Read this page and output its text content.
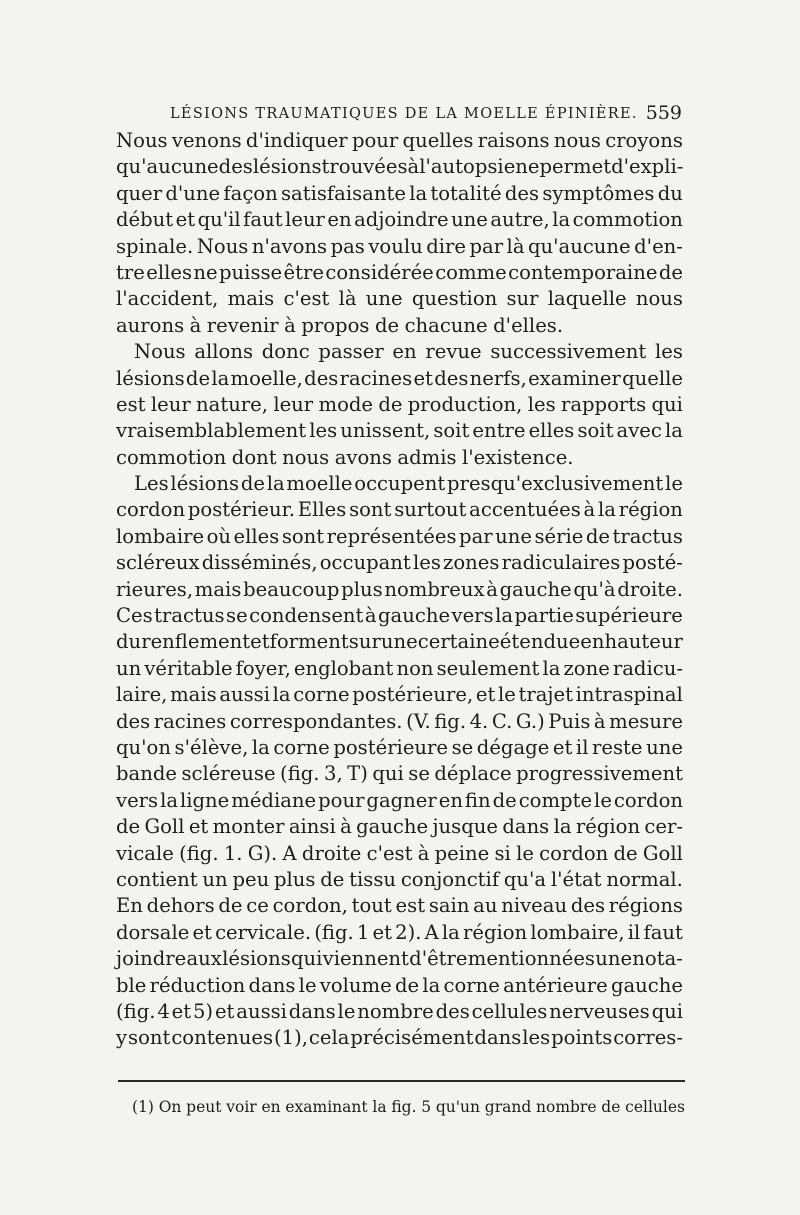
LÉSIONS TRAUMATIQUES DE LA MOELLE ÉPINIÈRE. 559
Nous venons d'indiquer pour quelles raisons nous croyons
qu'aucune des lésions trouvées à l'autopsie ne permet d'expli-
quer d'une façon satisfaisante la totalité des symptômes du
début et qu'il faut leur en adjoindre une autre, la commotion
spinale. Nous n'avons pas voulu dire par là qu'aucune d'en-
tre elles ne puisse être considérée comme contemporaine de
l'accident, mais c'est là une question sur laquelle nous
aurons à revenir à propos de chacune d'elles.
Nous allons donc passer en revue successivement les
lésions de la moelle, des racines et des nerfs, examiner quelle
est leur nature, leur mode de production, les rapports qui
vraisemblablement les unissent, soit entre elles soit avec la
commotion dont nous avons admis l'existence.
Les lésions de la moelle occupent presqu'exclusivement le
cordon postérieur. Elles sont surtout accentuées à la région
lombaire où elles sont représentées par une série de tractus
scléreux disséminés, occupant les zones radiculaires posté-
rieures, mais beaucoup plus nombreux à gauche qu'à droite.
Ces tractus se condensent à gauche vers la partie supérieure
du renflement et forment sur une certaine étendue en hauteur
un véritable foyer, englobant non seulement la zone radicu-
laire, mais aussi la corne postérieure, et le trajet intraspinal
des racines correspondantes. (V. fig. 4. C. G.) Puis à mesure
qu'on s'élève, la corne postérieure se dégage et il reste une
bande scléreuse (fig. 3, T) qui se déplace progressivement
vers la ligne médiane pour gagner en fin de compte le cordon
de Goll et monter ainsi à gauche jusque dans la région cer-
vicale (fig. 1. G). A droite c'est à peine si le cordon de Goll
contient un peu plus de tissu conjonctif qu'a l'état normal.
En dehors de ce cordon, tout est sain au niveau des régions
dorsale et cervicale. (fig. 1 et 2). A la région lombaire, il faut
joindre aux lésions qui viennent d'être mentionnées une nota-
ble réduction dans le volume de la corne antérieure gauche
(fig. 4 et 5) et aussi dans le nombre des cellules nerveuses qui
y sont contenues (1), cela précisément dans les points corres-
(1) On peut voir en examinant la fig. 5 qu'un grand nombre de cellules
